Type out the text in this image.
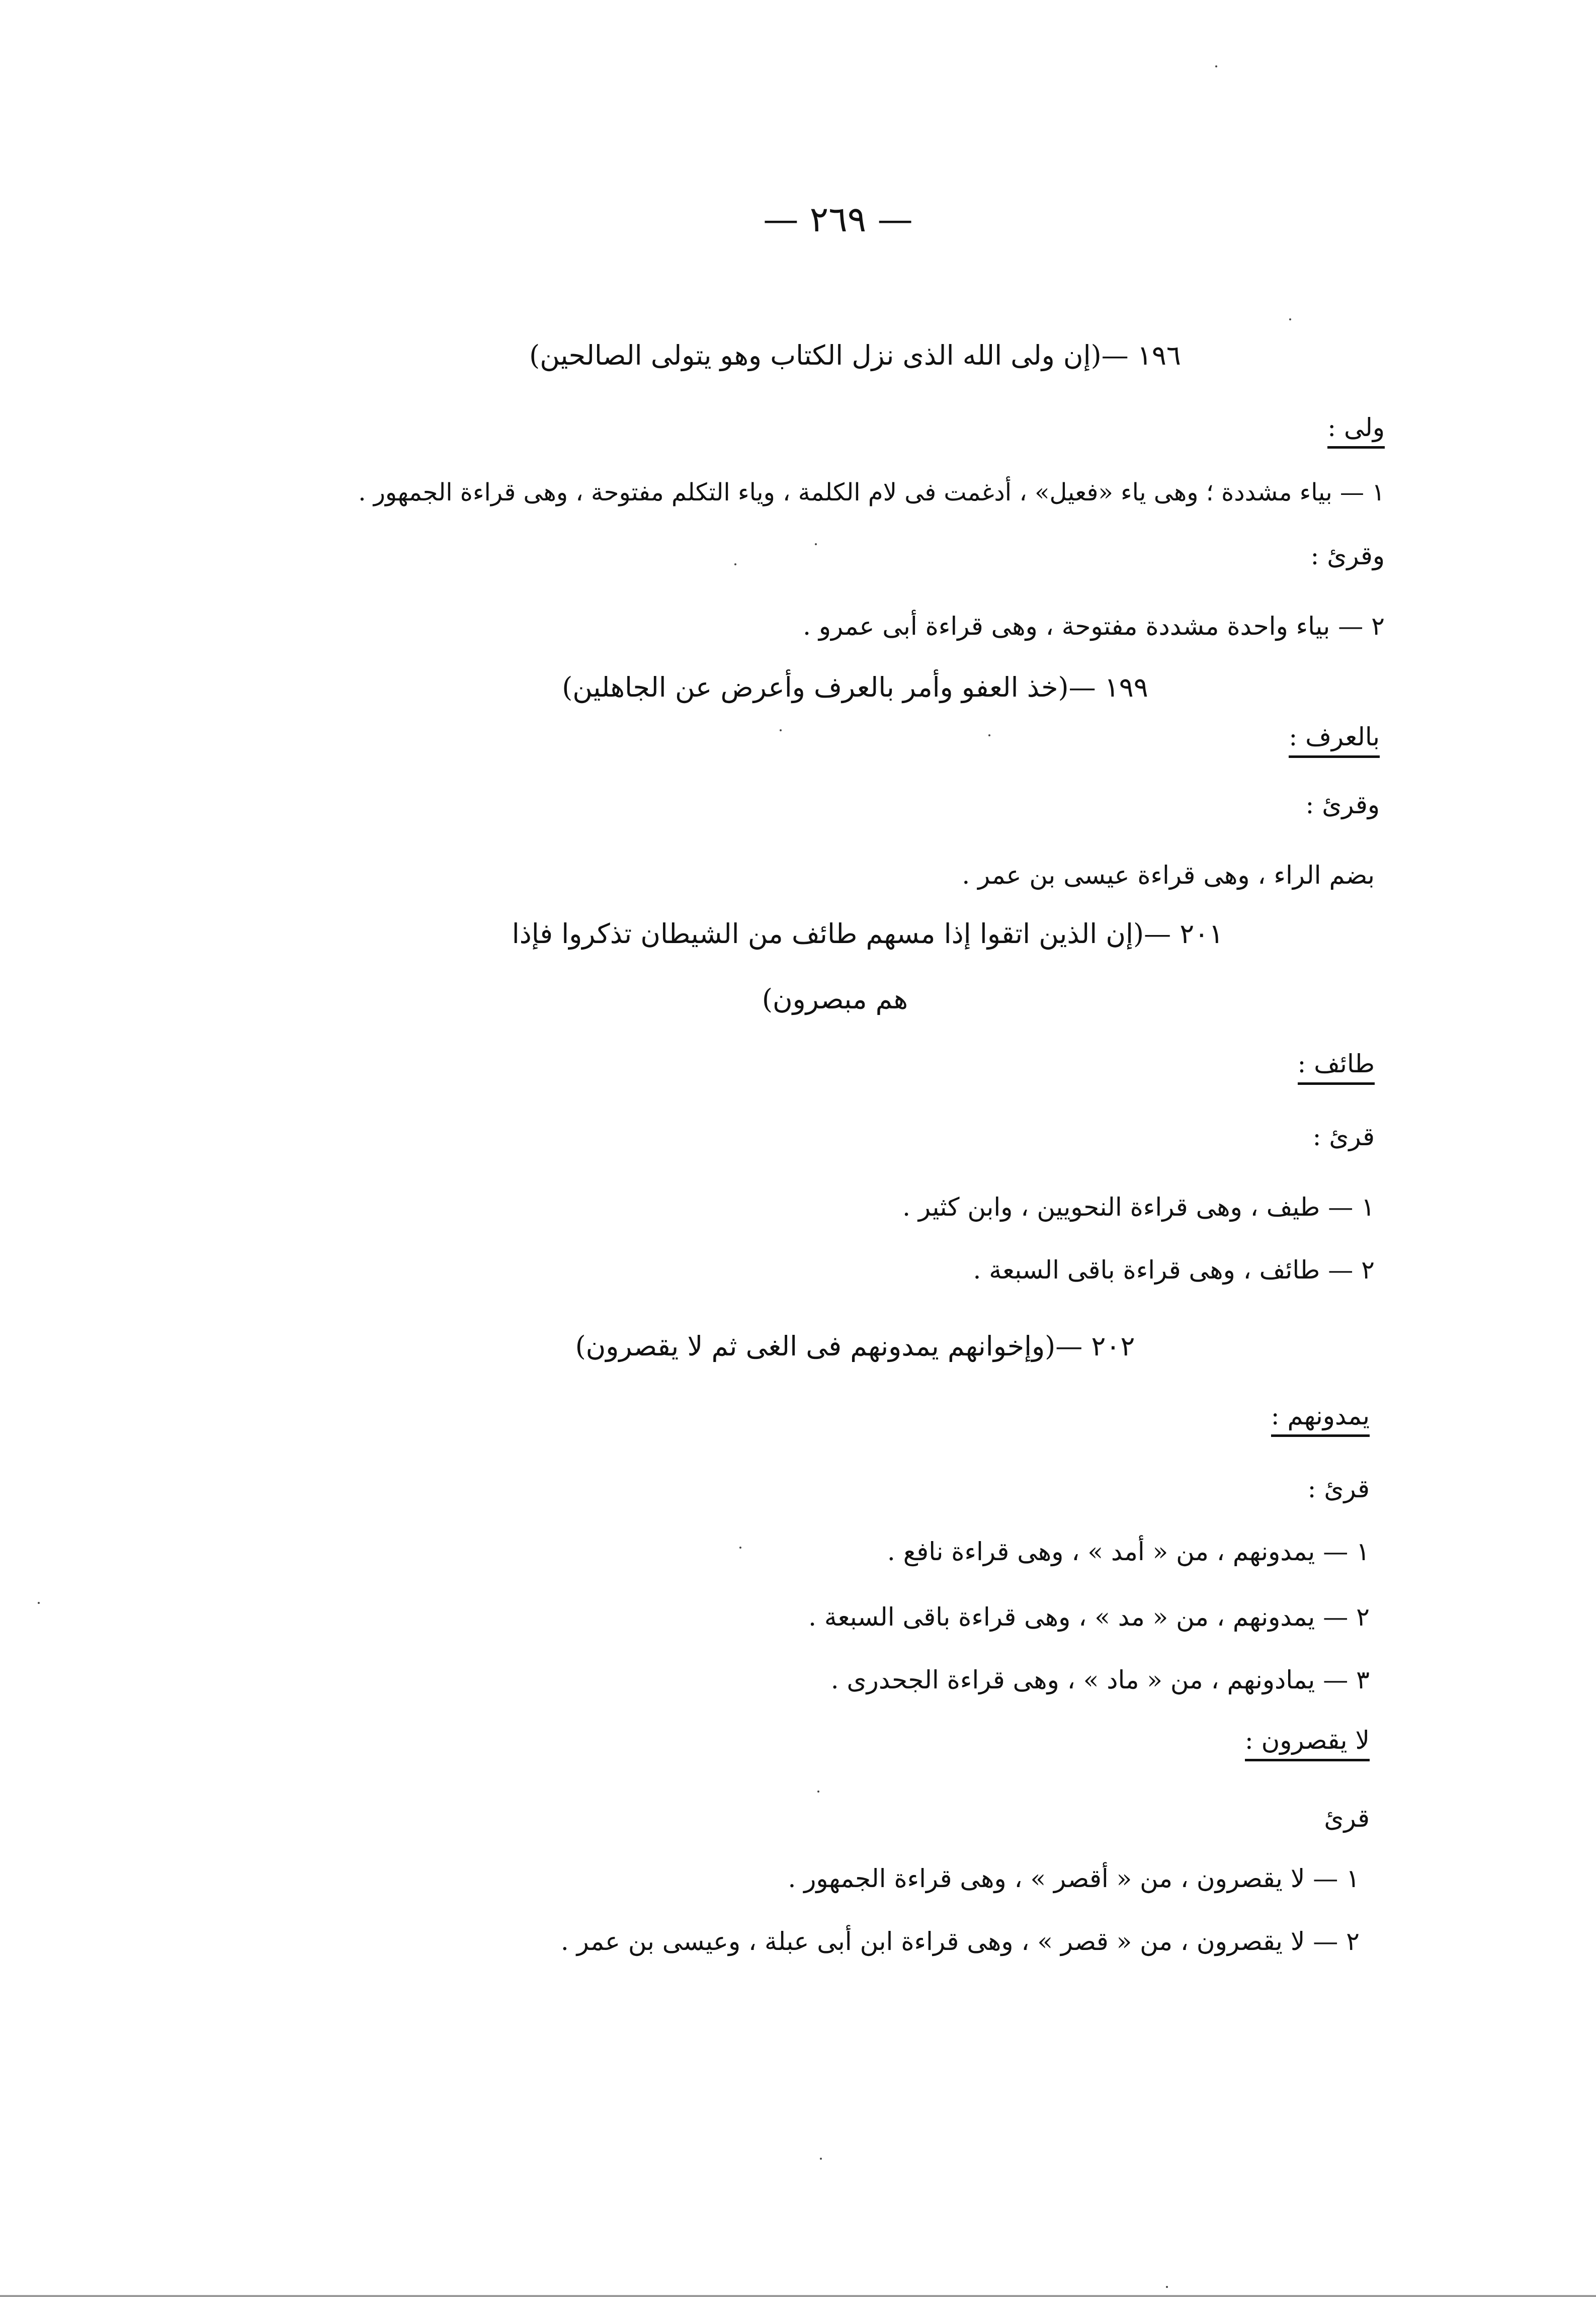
— ٢٦٩ —
١٩٦ —(إن ولى الله الذى نزل الكتاب وهو يتولى الصالحين)
ولى :
١ — بياء مشددة ؛ وهى ياء «فعيل» ، أدغمت فى لام الكلمة ، وياء التكلم مفتوحة ، وهى قراءة الجمهور .
وقرئ :
٢ — بياء واحدة مشددة مفتوحة ، وهى قراءة أبى عمرو .
١٩٩ —(خذ العفو وأمر بالعرف وأعرض عن الجاهلين)
بالعرف :
وقرئ :
بضم الراء ، وهى قراءة عيسى بن عمر .
٢٠١ —(إن الذين اتقوا إذا مسهم طائف من الشيطان تذكروا فإذا
هم مبصرون)
طائف :
قرئ :
١ — طيف ، وهى قراءة النحويين ، وابن كثير .
٢ — طائف ، وهى قراءة باقى السبعة .
٢٠٢ —(وإخوانهم يمدونهم فى الغى ثم لا يقصرون)
يمدونهم :
قرئ :
١ — يمدونهم ، من « أمد » ، وهى قراءة نافع .
٢ — يمدونهم ، من « مد » ، وهى قراءة باقى السبعة .
٣ — يمادونهم ، من « ماد » ، وهى قراءة الجحدرى .
لا يقصرون :
قرئ
١ — لا يقصرون ، من « أقصر » ، وهى قراءة الجمهور .
٢ — لا يقصرون ، من « قصر » ، وهى قراءة ابن أبى عبلة ، وعيسى بن عمر .
